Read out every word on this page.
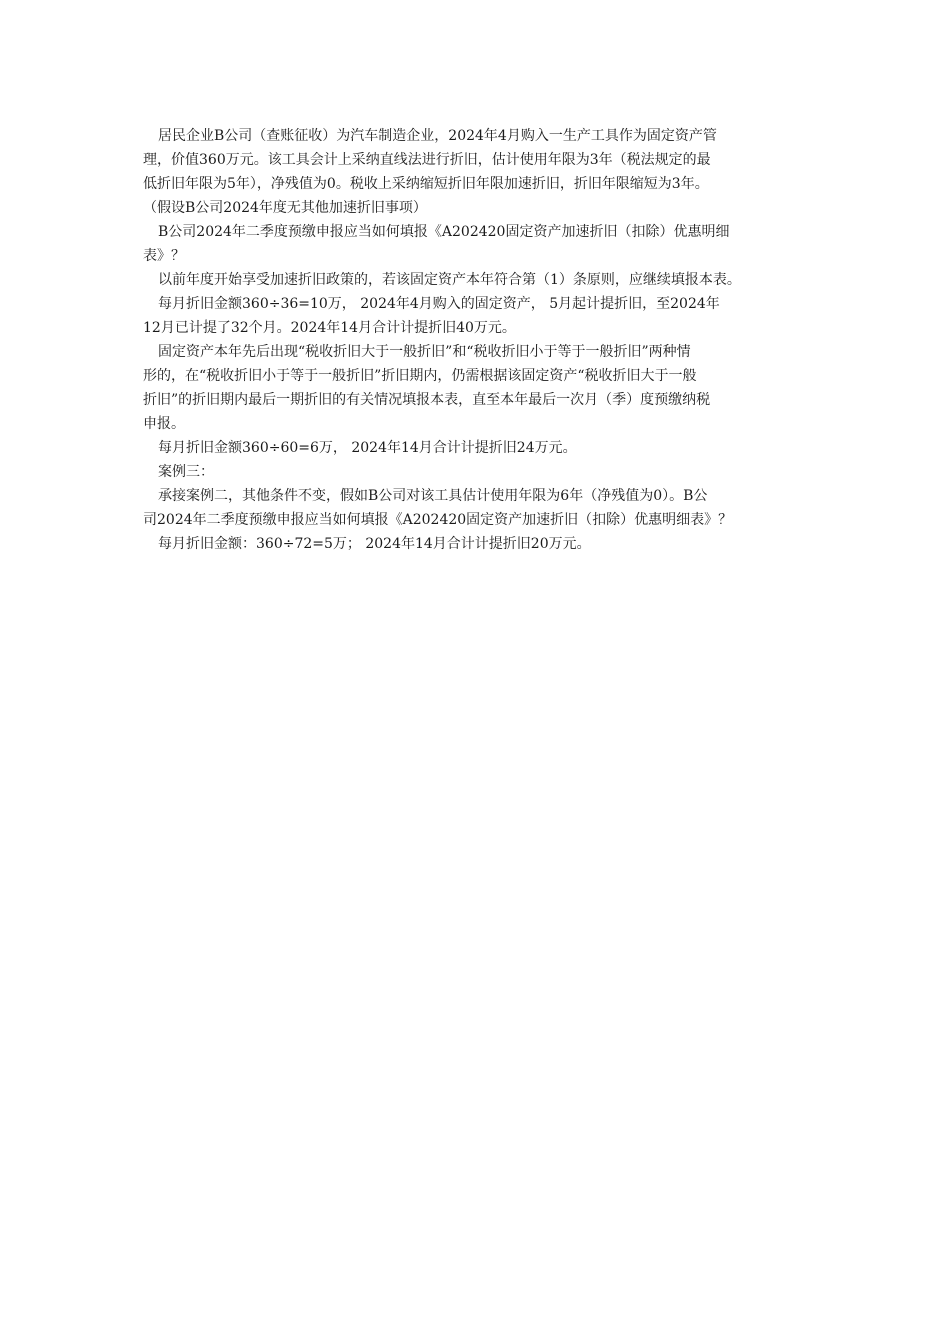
居民企业B公司（查账征收）为汽车制造企业，2024年4月购入一生产工具作为固定资产管
理，价值360万元。该工具会计上采纳直线法进行折旧，估计使用年限为3年（税法规定的最
低折旧年限为5年），净残值为0。税收上采纳缩短折旧年限加速折旧，折旧年限缩短为3年。
（假设B公司2024年度无其他加速折旧事项）
B公司2024年二季度预缴申报应当如何填报《A202420固定资产加速折旧（扣除）优惠明细
表》？
以前年度开始享受加速折旧政策的，若该固定资产本年符合第（1）条原则，应继续填报本表。
每月折旧金额360÷36=10万， 2024年4月购入的固定资产， 5月起计提折旧，至2024年
12月已计提了32个月。2024年14月合计计提折旧40万元。
固定资产本年先后出现“税收折旧大于一般折旧”和“税收折旧小于等于一般折旧”两种情
形的，在“税收折旧小于等于一般折旧”折旧期内，仍需根据该固定资产“税收折旧大于一般
折旧”的折旧期内最后一期折旧的有关情况填报本表，直至本年最后一次月（季）度预缴纳税
申报。
每月折旧金额360÷60=6万， 2024年14月合计计提折旧24万元。
案例三：
承接案例二，其他条件不变，假如B公司对该工具估计使用年限为6年（净残值为0）。B公
司2024年二季度预缴申报应当如何填报《A202420固定资产加速折旧（扣除）优惠明细表》？
每月折旧金额：360÷72=5万； 2024年14月合计计提折旧20万元。
